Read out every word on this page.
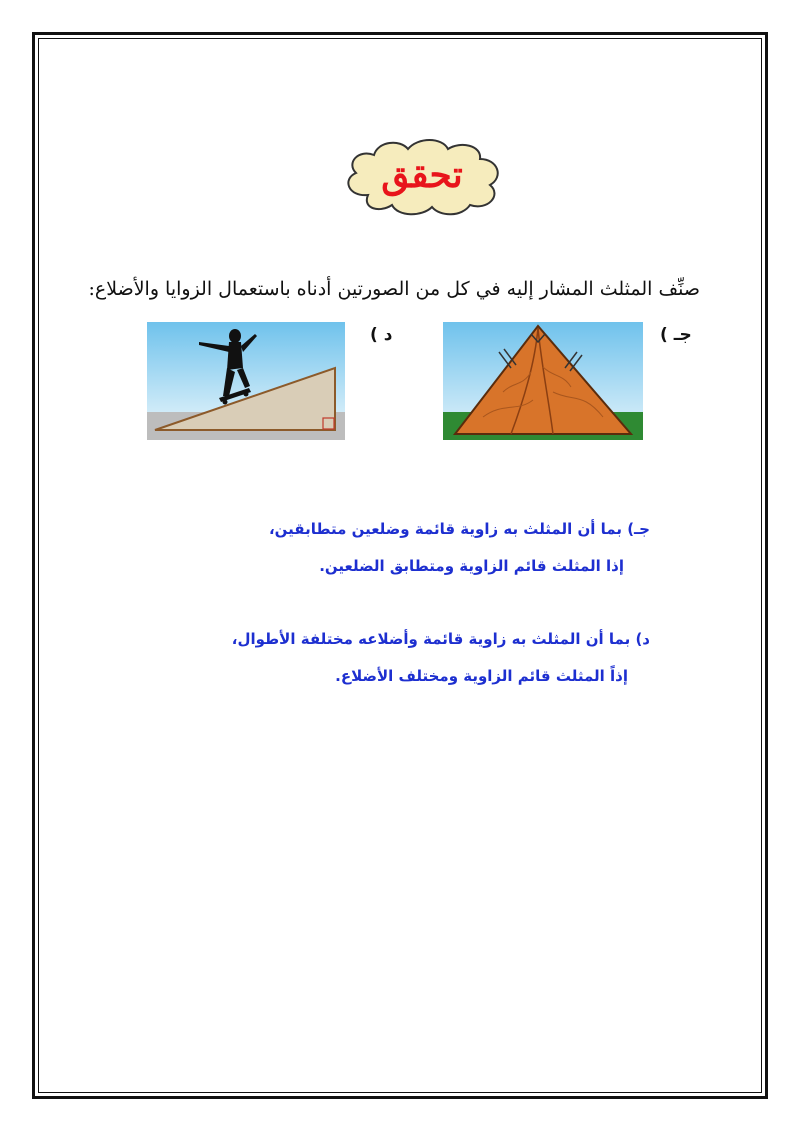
تحقق
صنِّف المثلث المشار إليه في كل من الصورتين أدناه باستعمال الزوايا والأضلاع:
جـ )
د )
جـ) بما أن المثلث به زاوية قائمة وضلعين متطابقين،
إذا المثلث قائم الزاوية ومتطابق الضلعين.
د) بما أن المثلث به زاوية قائمة وأضلاعه مختلفة الأطوال،
إذاً المثلث قائم الزاوية ومختلف الأضلاع.
